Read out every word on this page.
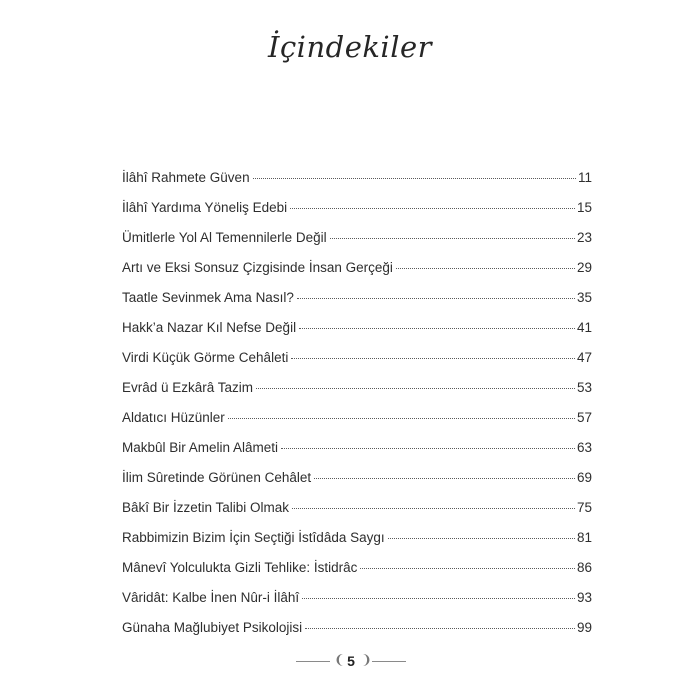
İçindekiler
İlâhî Rahmete Güven	11
İlâhî Yardıma Yöneliş Edebi	15
Ümitlerle Yol Al Temennilerle Değil	23
Artı ve Eksi Sonsuz Çizgisinde İnsan Gerçeği	29
Taatle Sevinmek Ama Nasıl?	35
Hakk’a Nazar Kıl Nefse Değil	41
Virdi Küçük Görme Cehâleti	47
Evrâd ü Ezkârâ Tazim	53
Aldatıcı Hüzünler	57
Makbûl Bir Amelin Alâmeti	63
İlim Sûretinde Görünen Cehâlet	69
Bâkî Bir İzzetin Talibi Olmak	75
Rabbimizin Bizim İçin Seçtiği İstîdâda Saygı	81
Mânevî Yolculukta Gizli Tehlike: İstidrâc	86
Vâridât: Kalbe İnen Nûr-i İlâhî	93
Günaha Mağlubiyet Psikolojisi	99
❨ 5 ❩
